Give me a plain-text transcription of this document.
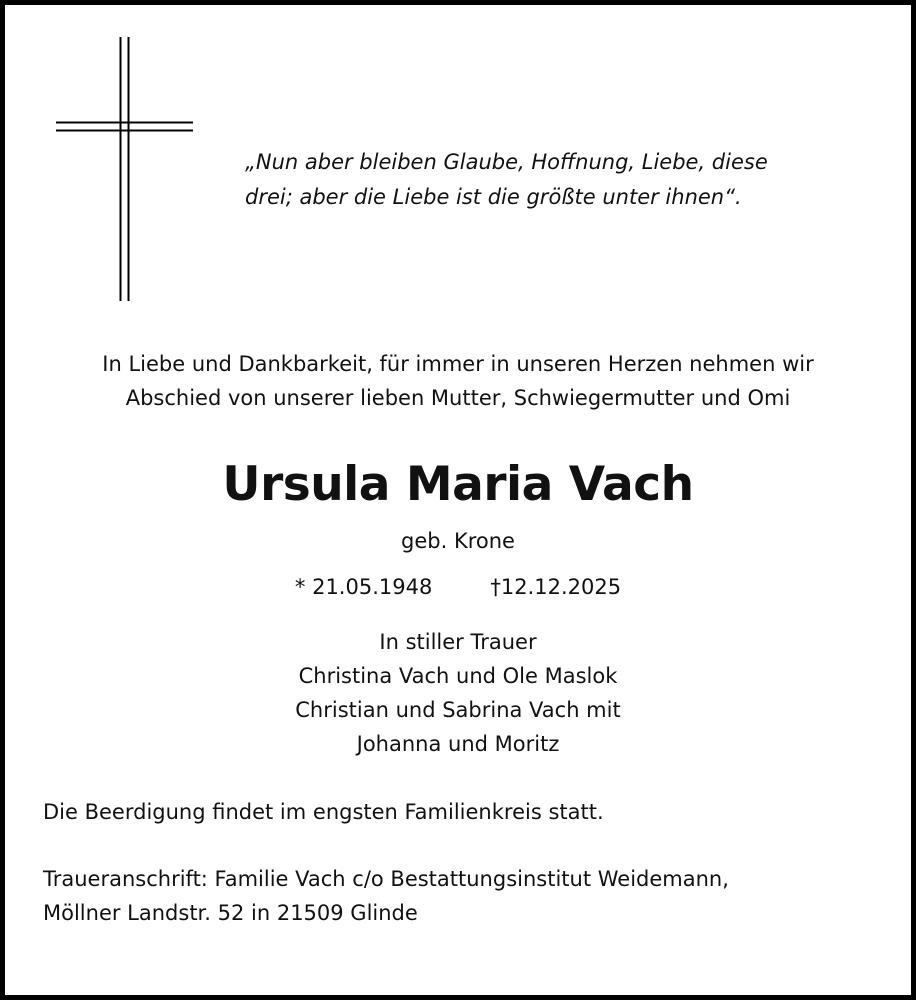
„Nun aber bleiben Glaube, Hoffnung, Liebe, diese
drei; aber die Liebe ist die größte unter ihnen“.
In Liebe und Dankbarkeit, für immer in unseren Herzen nehmen wir
Abschied von unserer lieben Mutter, Schwiegermutter und Omi
Ursula Maria Vach
geb. Krone
* 21.05.1948	†12.12.2025
In stiller Trauer
Christina Vach und Ole Maslok
Christian und Sabrina Vach mit
Johanna und Moritz
Die Beerdigung findet im engsten Familienkreis statt.
Traueranschrift: Familie Vach c/o Bestattungsinstitut Weidemann,
Möllner Landstr. 52 in 21509 Glinde
